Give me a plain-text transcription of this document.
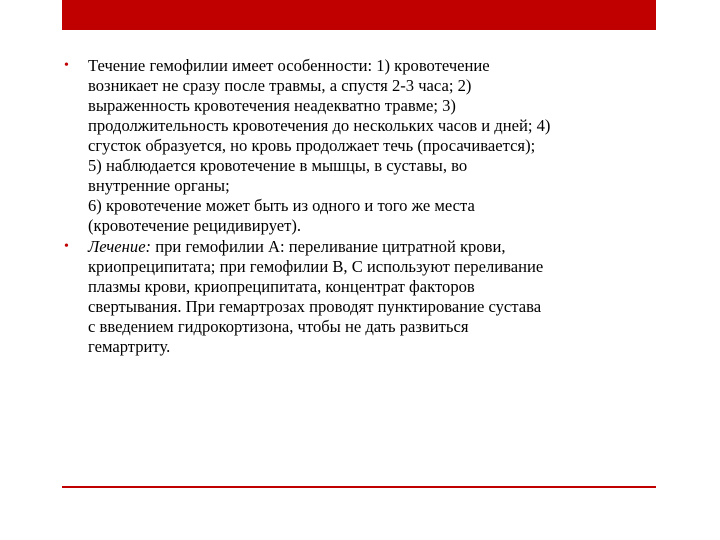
• Течение гемофилии имеет особенности: 1) кровотечение
возникает не сразу после травмы, а спустя 2-3 часа; 2)
выраженность кровотечения неадекватно травме; 3)
продолжительность кровотечения до нескольких часов и дней; 4)
сгусток образуется, но кровь продолжает течь (просачивается);
5) наблюдается кровотечение в мышцы, в суставы, во
внутренние органы;
6) кровотечение может быть из одного и того же места
(кровотечение рецидивирует).
• Лечение: при гемофилии А: переливание цитратной крови,
криопреципитата; при гемофилии В, С используют переливание
плазмы крови, криопреципитата, концентрат факторов
свертывания. При гемартрозах проводят пунктирование сустава
с введением гидрокортизона, чтобы не дать развиться
гемартриту.
